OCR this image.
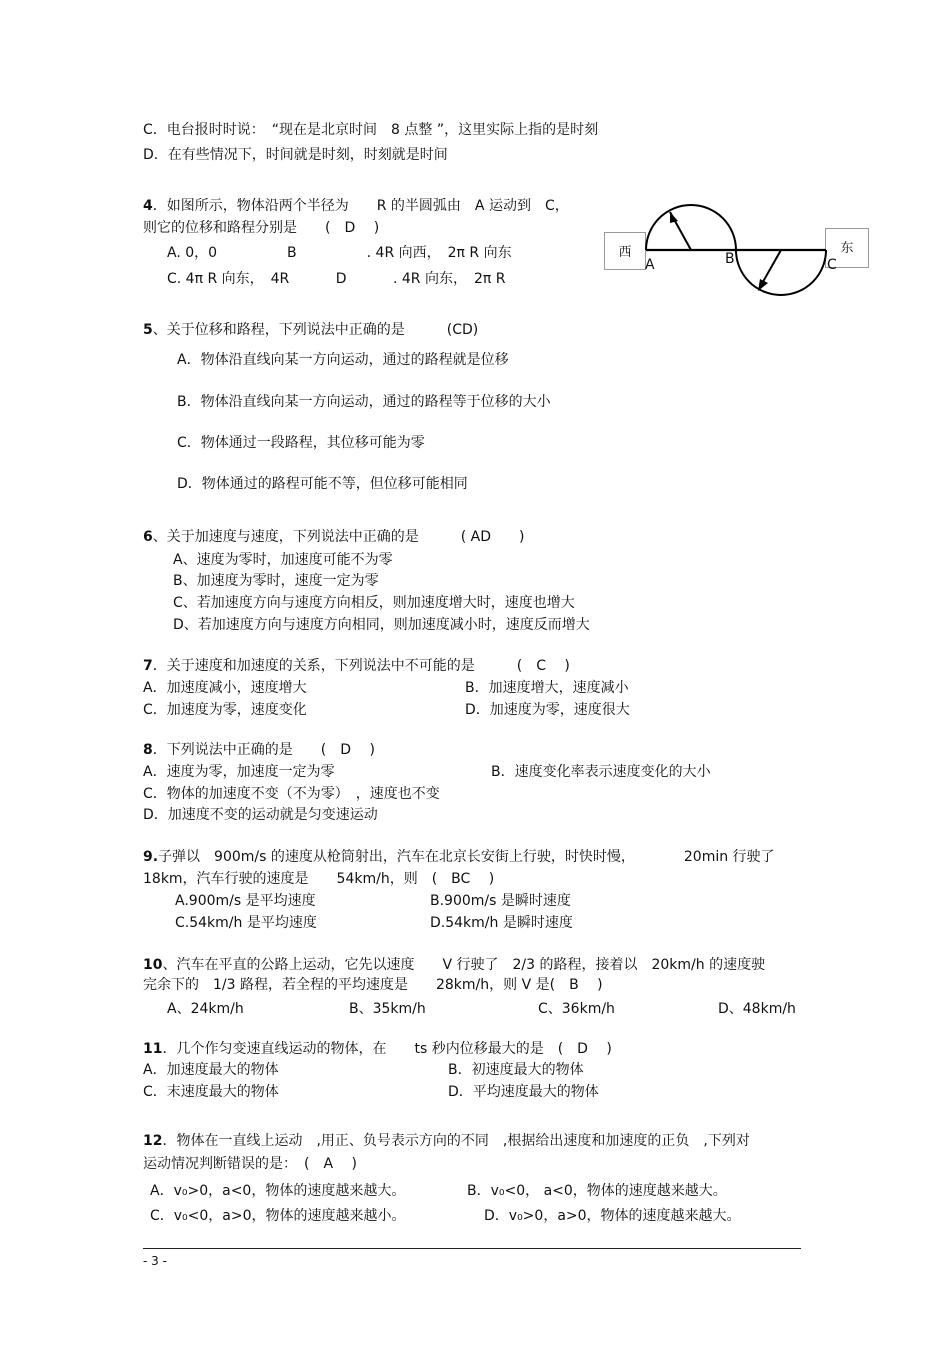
C．电台报时时说：　“现在是北京时间　8 点整 ”，这里实际上指的是时刻
D．在有些情况下，时间就是时刻，时刻就是时间
4．如图所示，物体沿两个半径为　　R 的半圆弧由　A 运动到　C，
则它的位移和路程分别是　　(　D　 )
A. 0，0　　　　　B　　　　　. 4R 向西，　2π R 向东
C. 4π R 向东，　4R　　　 D　　　 . 4R 向东，　2π R
西	东
A	B	C
5、关于位移和路程，下列说法中正确的是　　　(CD)
A．物体沿直线向某一方向运动，通过的路程就是位移
B．物体沿直线向某一方向运动，通过的路程等于位移的大小
C．物体通过一段路程，其位移可能为零
D．物体通过的路程可能不等，但位移可能相同
6、关于加速度与速度，下列说法中正确的是　　　( AD　　)
A、速度为零时，加速度可能不为零
B、加速度为零时，速度一定为零
C、若加速度方向与速度方向相反，则加速度增大时，速度也增大
D、若加速度方向与速度方向相同，则加速度减小时，速度反而增大
7．关于速度和加速度的关系，下列说法中不可能的是　　　(　C　 )
A．加速度减小，速度增大	B．加速度增大，速度减小
C．加速度为零，速度变化	D．加速度为零，速度很大
8．下列说法中正确的是　　(　D　 )
A．速度为零，加速度一定为零	B．速度变化率表示速度变化的大小
C．物体的加速度不变（不为零）　，速度也不变
D．加速度不变的运动就是匀变速运动
9.子弹以　900m/s 的速度从枪筒射出，汽车在北京长安街上行驶，时快时慢，　　　　20min 行驶了
18km，汽车行驶的速度是　　54km/h，则　(　BC　 )
A.900m/s 是平均速度	B.900m/s 是瞬时速度
C.54km/h 是平均速度	D.54km/h 是瞬时速度
10、汽车在平直的公路上运动，它先以速度　　V 行驶了　2/3 的路程，接着以　20km/h 的速度驶
完余下的　1/3 路程，若全程的平均速度是　　28km/h，则 V 是(　B　 )
A、24km/h	B、35km/h	C、36km/h	D、48km/h
11．几个作匀变速直线运动的物体，在　　ts 秒内位移最大的是　(　D　 )
A．加速度最大的物体	B．初速度最大的物体
C．末速度最大的物体	D．平均速度最大的物体
12．物体在一直线上运动　,用正、负号表示方向的不同　,根据给出速度和加速度的正负　,下列对
运动情况判断错误的是：　(　A　 )
A．v₀>0，a<0，物体的速度越来越大。	B．v₀<0， a<0，物体的速度越来越大。
C．v₀<0，a>0，物体的速度越来越小。	D．v₀>0，a>0，物体的速度越来越大。
- 3 -
